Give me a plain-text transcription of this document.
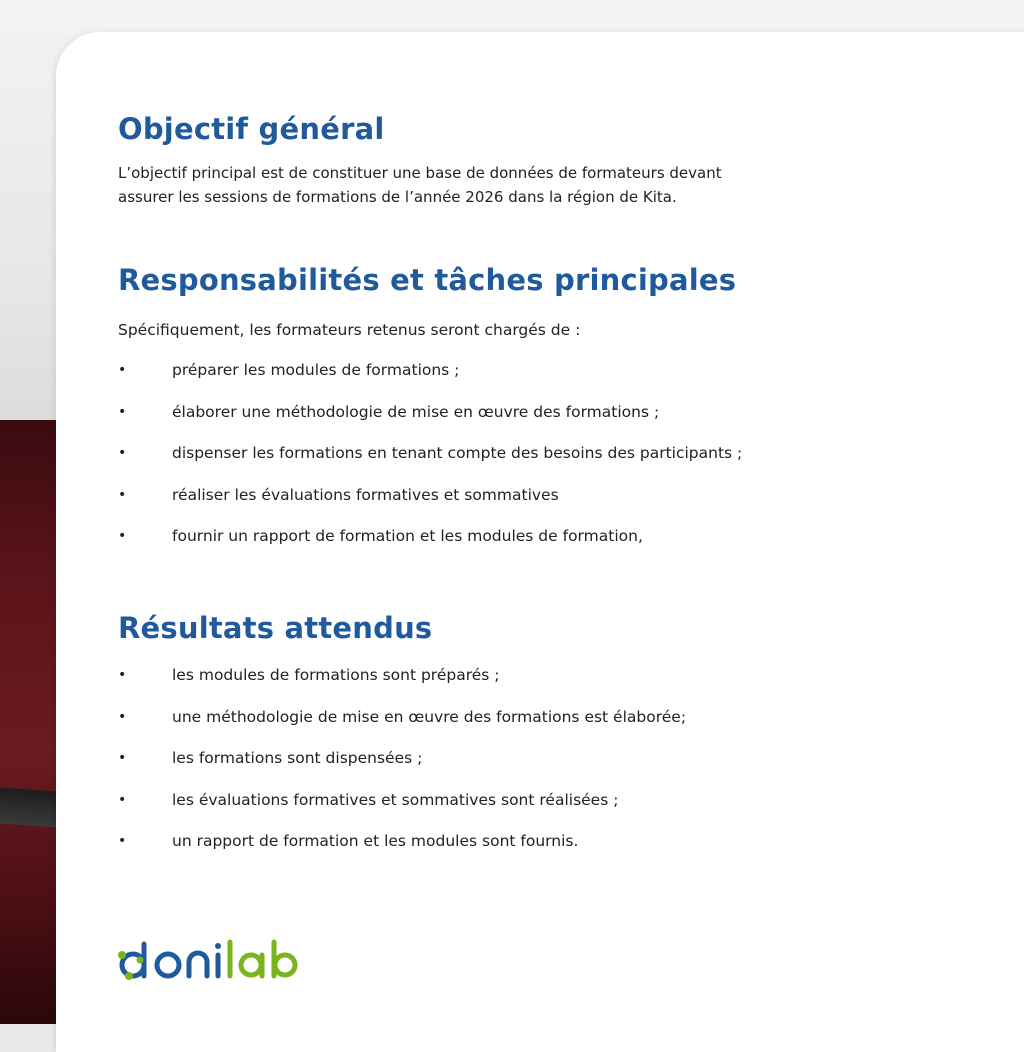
Objectif général

L’objectif principal est de constituer une base de données de formateurs devant

assurer les sessions de formations de l’année 2026 dans la région de Kita.

Responsabilités et tâches principales

Spécifiquement, les formateurs retenus seront chargés de :

•	préparer les modules de formations ;
•	élaborer une méthodologie de mise en œuvre des formations ;
•	dispenser les formations en tenant compte des besoins des participants ;
•	réaliser les évaluations formatives et sommatives
•	fournir un rapport de formation et les modules de formation,
Résultats attendus
•	les modules de formations sont préparés ;
•	une méthodologie de mise en œuvre des formations est élaborée;
•	les formations sont dispensées ;
•	les évaluations formatives et sommatives sont réalisées ;
•	un rapport de formation et les modules sont fournis.
